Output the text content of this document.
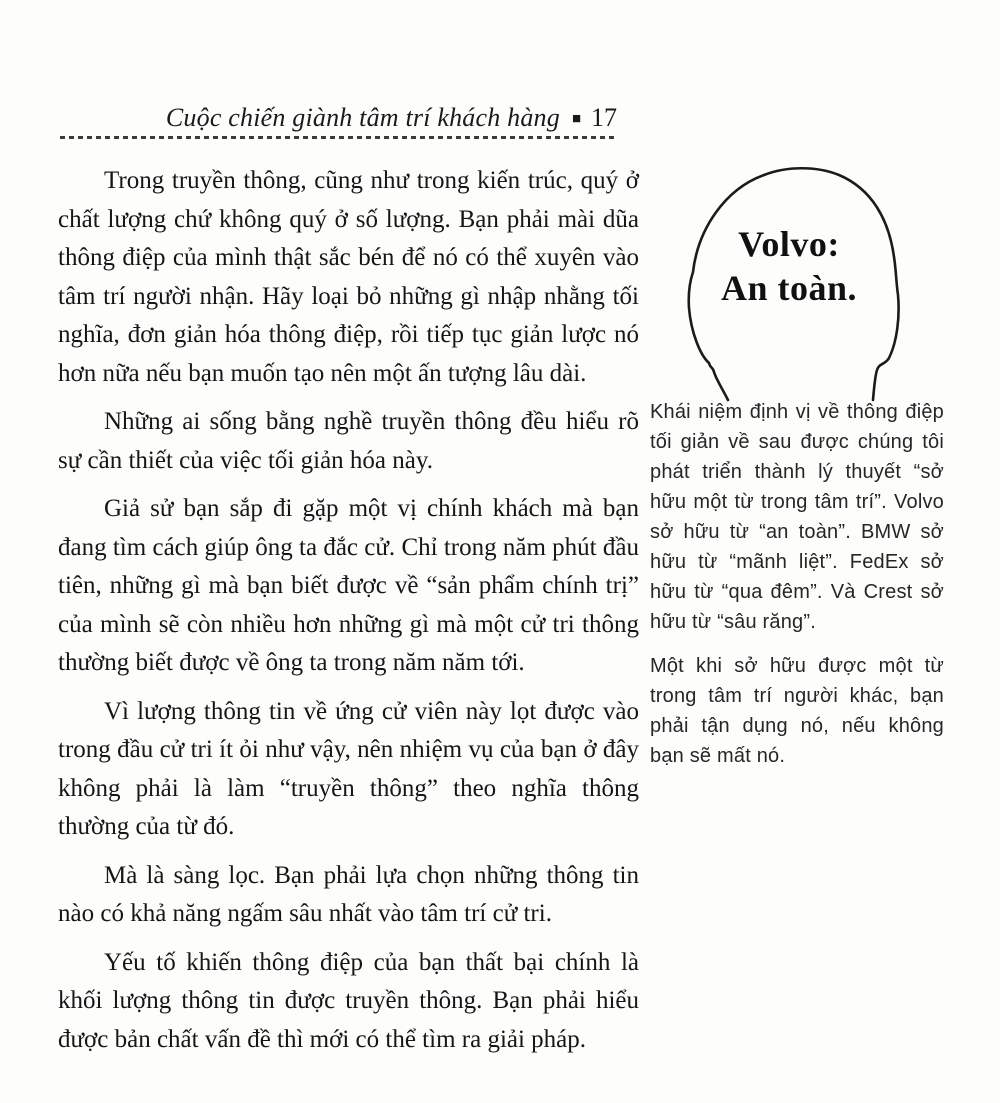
Cuộc chiến giành tâm trí khách hàng ■ 17

Trong truyền thông, cũng như trong kiến trúc, quý ở chất lượng chứ không quý ở số lượng. Bạn phải mài dũa thông điệp của mình thật sắc bén để nó có thể xuyên vào tâm trí người nhận. Hãy loại bỏ những gì nhập nhằng tối nghĩa, đơn giản hóa thông điệp, rồi tiếp tục giản lược nó hơn nữa nếu bạn muốn tạo nên một ấn tượng lâu dài.

Những ai sống bằng nghề truyền thông đều hiểu rõ sự cần thiết của việc tối giản hóa này.

Giả sử bạn sắp đi gặp một vị chính khách mà bạn đang tìm cách giúp ông ta đắc cử. Chỉ trong năm phút đầu tiên, những gì mà bạn biết được về “sản phẩm chính trị” của mình sẽ còn nhiều hơn những gì mà một cử tri thông thường biết được về ông ta trong năm năm tới.

Vì lượng thông tin về ứng cử viên này lọt được vào trong đầu cử tri ít ỏi như vậy, nên nhiệm vụ của bạn ở đây không phải là làm “truyền thông” theo nghĩa thông thường của từ đó.

Mà là sàng lọc. Bạn phải lựa chọn những thông tin nào có khả năng ngấm sâu nhất vào tâm trí cử tri.

Yếu tố khiến thông điệp của bạn thất bại chính là khối lượng thông tin được truyền thông. Bạn phải hiểu được bản chất vấn đề thì mới có thể tìm ra giải pháp.

Volvo:
An toàn.

Khái niệm định vị về thông điệp tối giản về sau được chúng tôi phát triển thành lý thuyết “sở hữu một từ trong tâm trí”. Volvo sở hữu từ “an toàn”. BMW sở hữu từ “mãnh liệt”. FedEx sở hữu từ “qua đêm”. Và Crest sở hữu từ “sâu răng”.

Một khi sở hữu được một từ trong tâm trí người khác, bạn phải tận dụng nó, nếu không bạn sẽ mất nó.
